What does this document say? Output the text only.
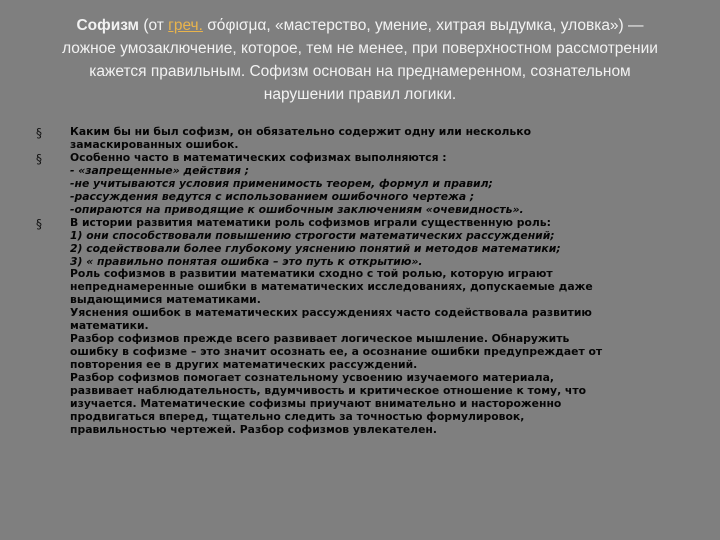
Софизм (от греч. σόφισμα, «мастерство, умение, хитрая выдумка, уловка») — ложное умозаключение, которое, тем не менее, при поверхностном рассмотрении кажется правильным. Софизм основан на преднамеренном, сознательном нарушении правил логики.
§	Каким бы ни был софизм, он обязательно содержит одну или несколько
замаскированных ошибок.
§	Особенно часто в математических софизмах выполняются :
- «запрещенные» действия ;
-не учитываются условия применимость теорем, формул и правил;
-рассуждения ведутся с использованием ошибочного чертежа ;
-опираются на приводящие к ошибочным заключениям «очевидность».
§	В истории развития математики роль софизмов играли существенную роль:
1) они способствовали повышению строгости математических рассуждений;
2) содействовали более глубокому уяснению понятий и методов математики;
3) « правильно понятая ошибка – это путь к открытию».
Роль софизмов в развитии математики сходно с той ролью, которую играют
непреднамеренные ошибки в математических исследованиях, допускаемые даже
выдающимися математиками.
Уяснения ошибок в математических рассуждениях часто содействовала развитию
математики.
Разбор софизмов прежде всего развивает логическое мышление. Обнаружить
ошибку в софизме – это значит осознать ее, а осознание ошибки предупреждает от
повторения ее в других математических рассуждений.
Разбор софизмов помогает сознательному усвоению изучаемого материала,
развивает наблюдательность, вдумчивость и критическое отношение к тому, что
изучается. Математические софизмы приучают внимательно и настороженно
продвигаться вперед, тщательно следить за точностью формулировок,
правильностью чертежей. Разбор софизмов увлекателен.
